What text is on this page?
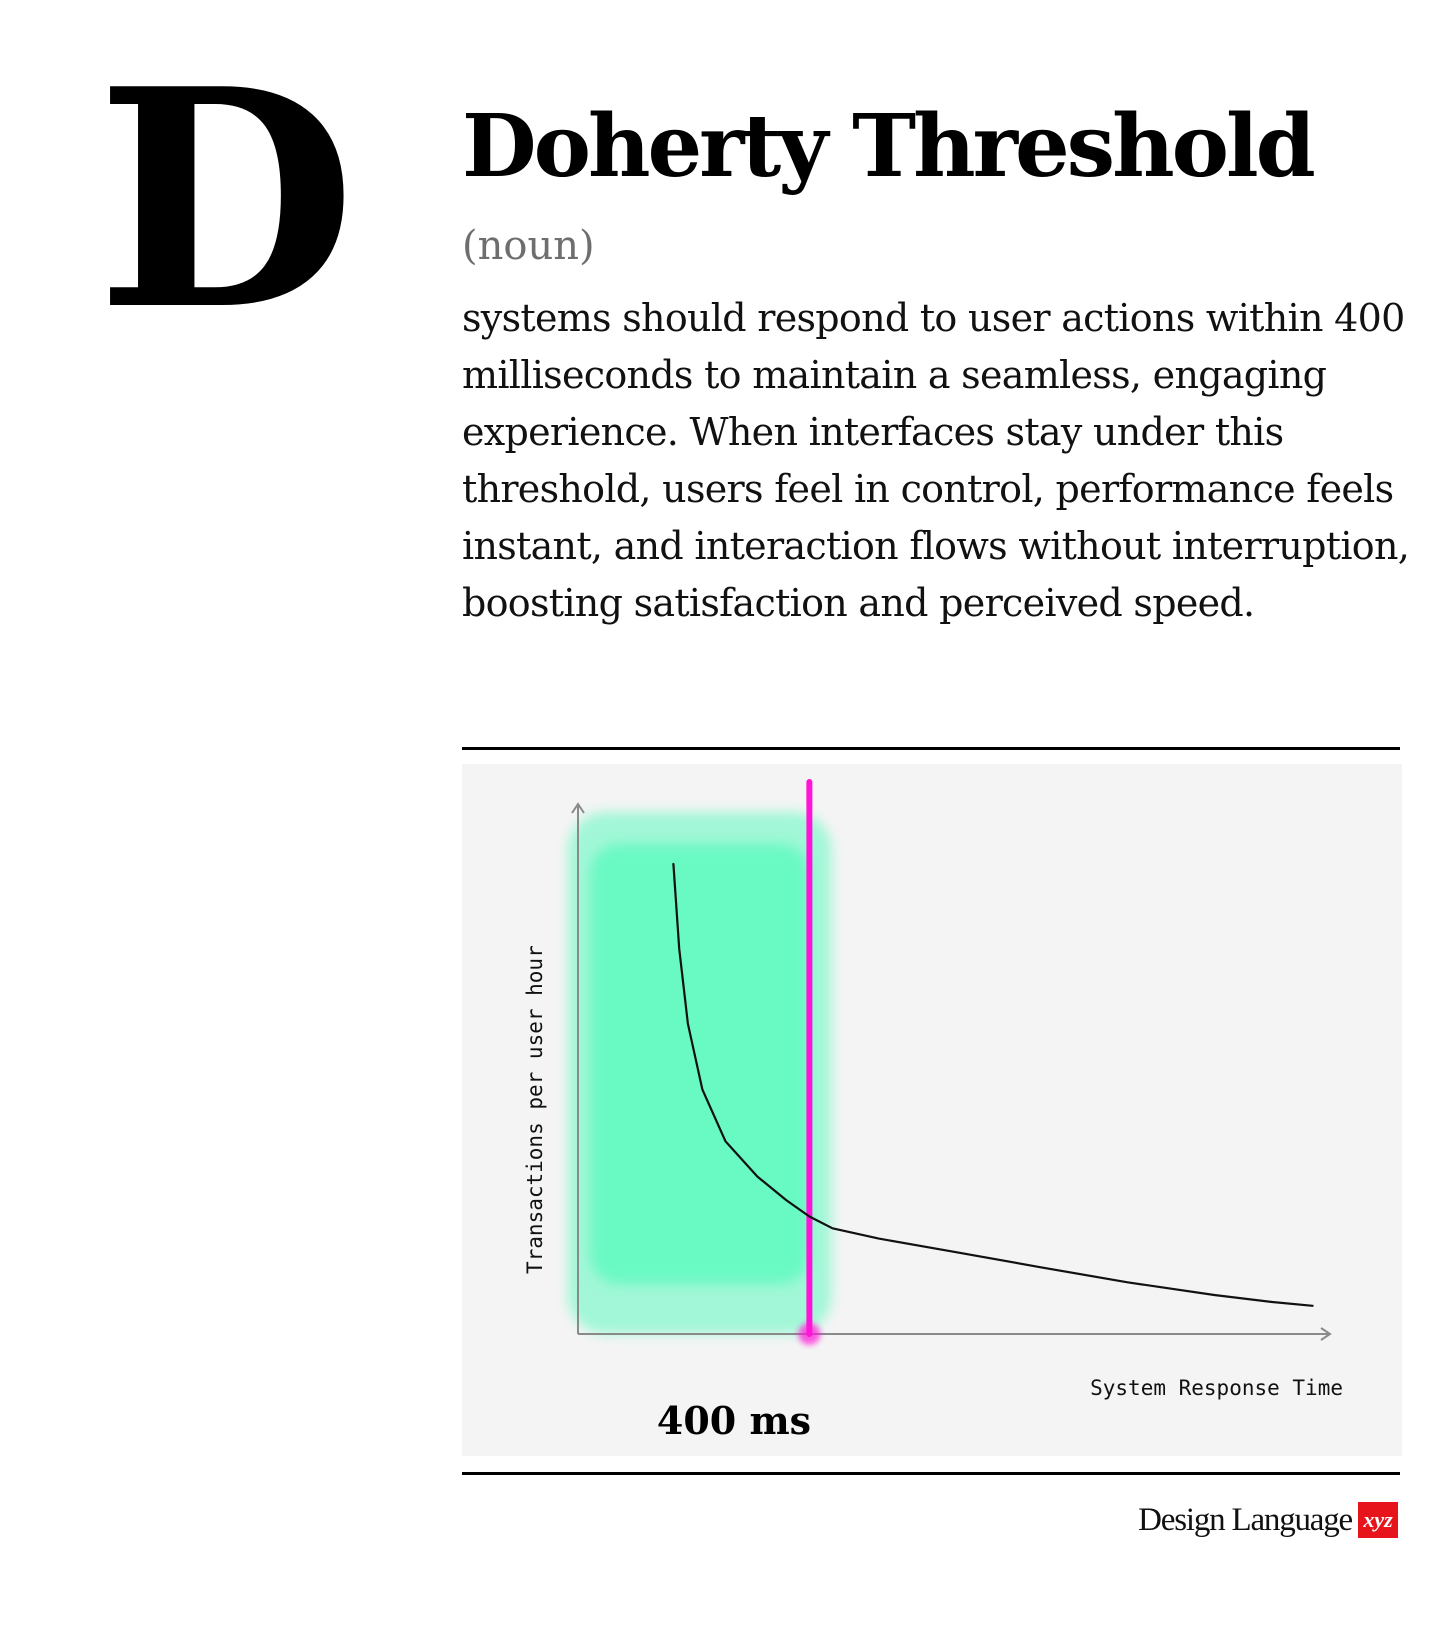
D Doherty Threshold
(noun)

systems should respond to user actions within 400 milliseconds to maintain a seamless, engaging experience. When interfaces stay under this threshold, users feel in control, performance feels instant, and interaction flows without interruption, boosting satisfaction and perceived speed.

Transactions per user hour
System Response Time
400 ms
Design Language xyz
